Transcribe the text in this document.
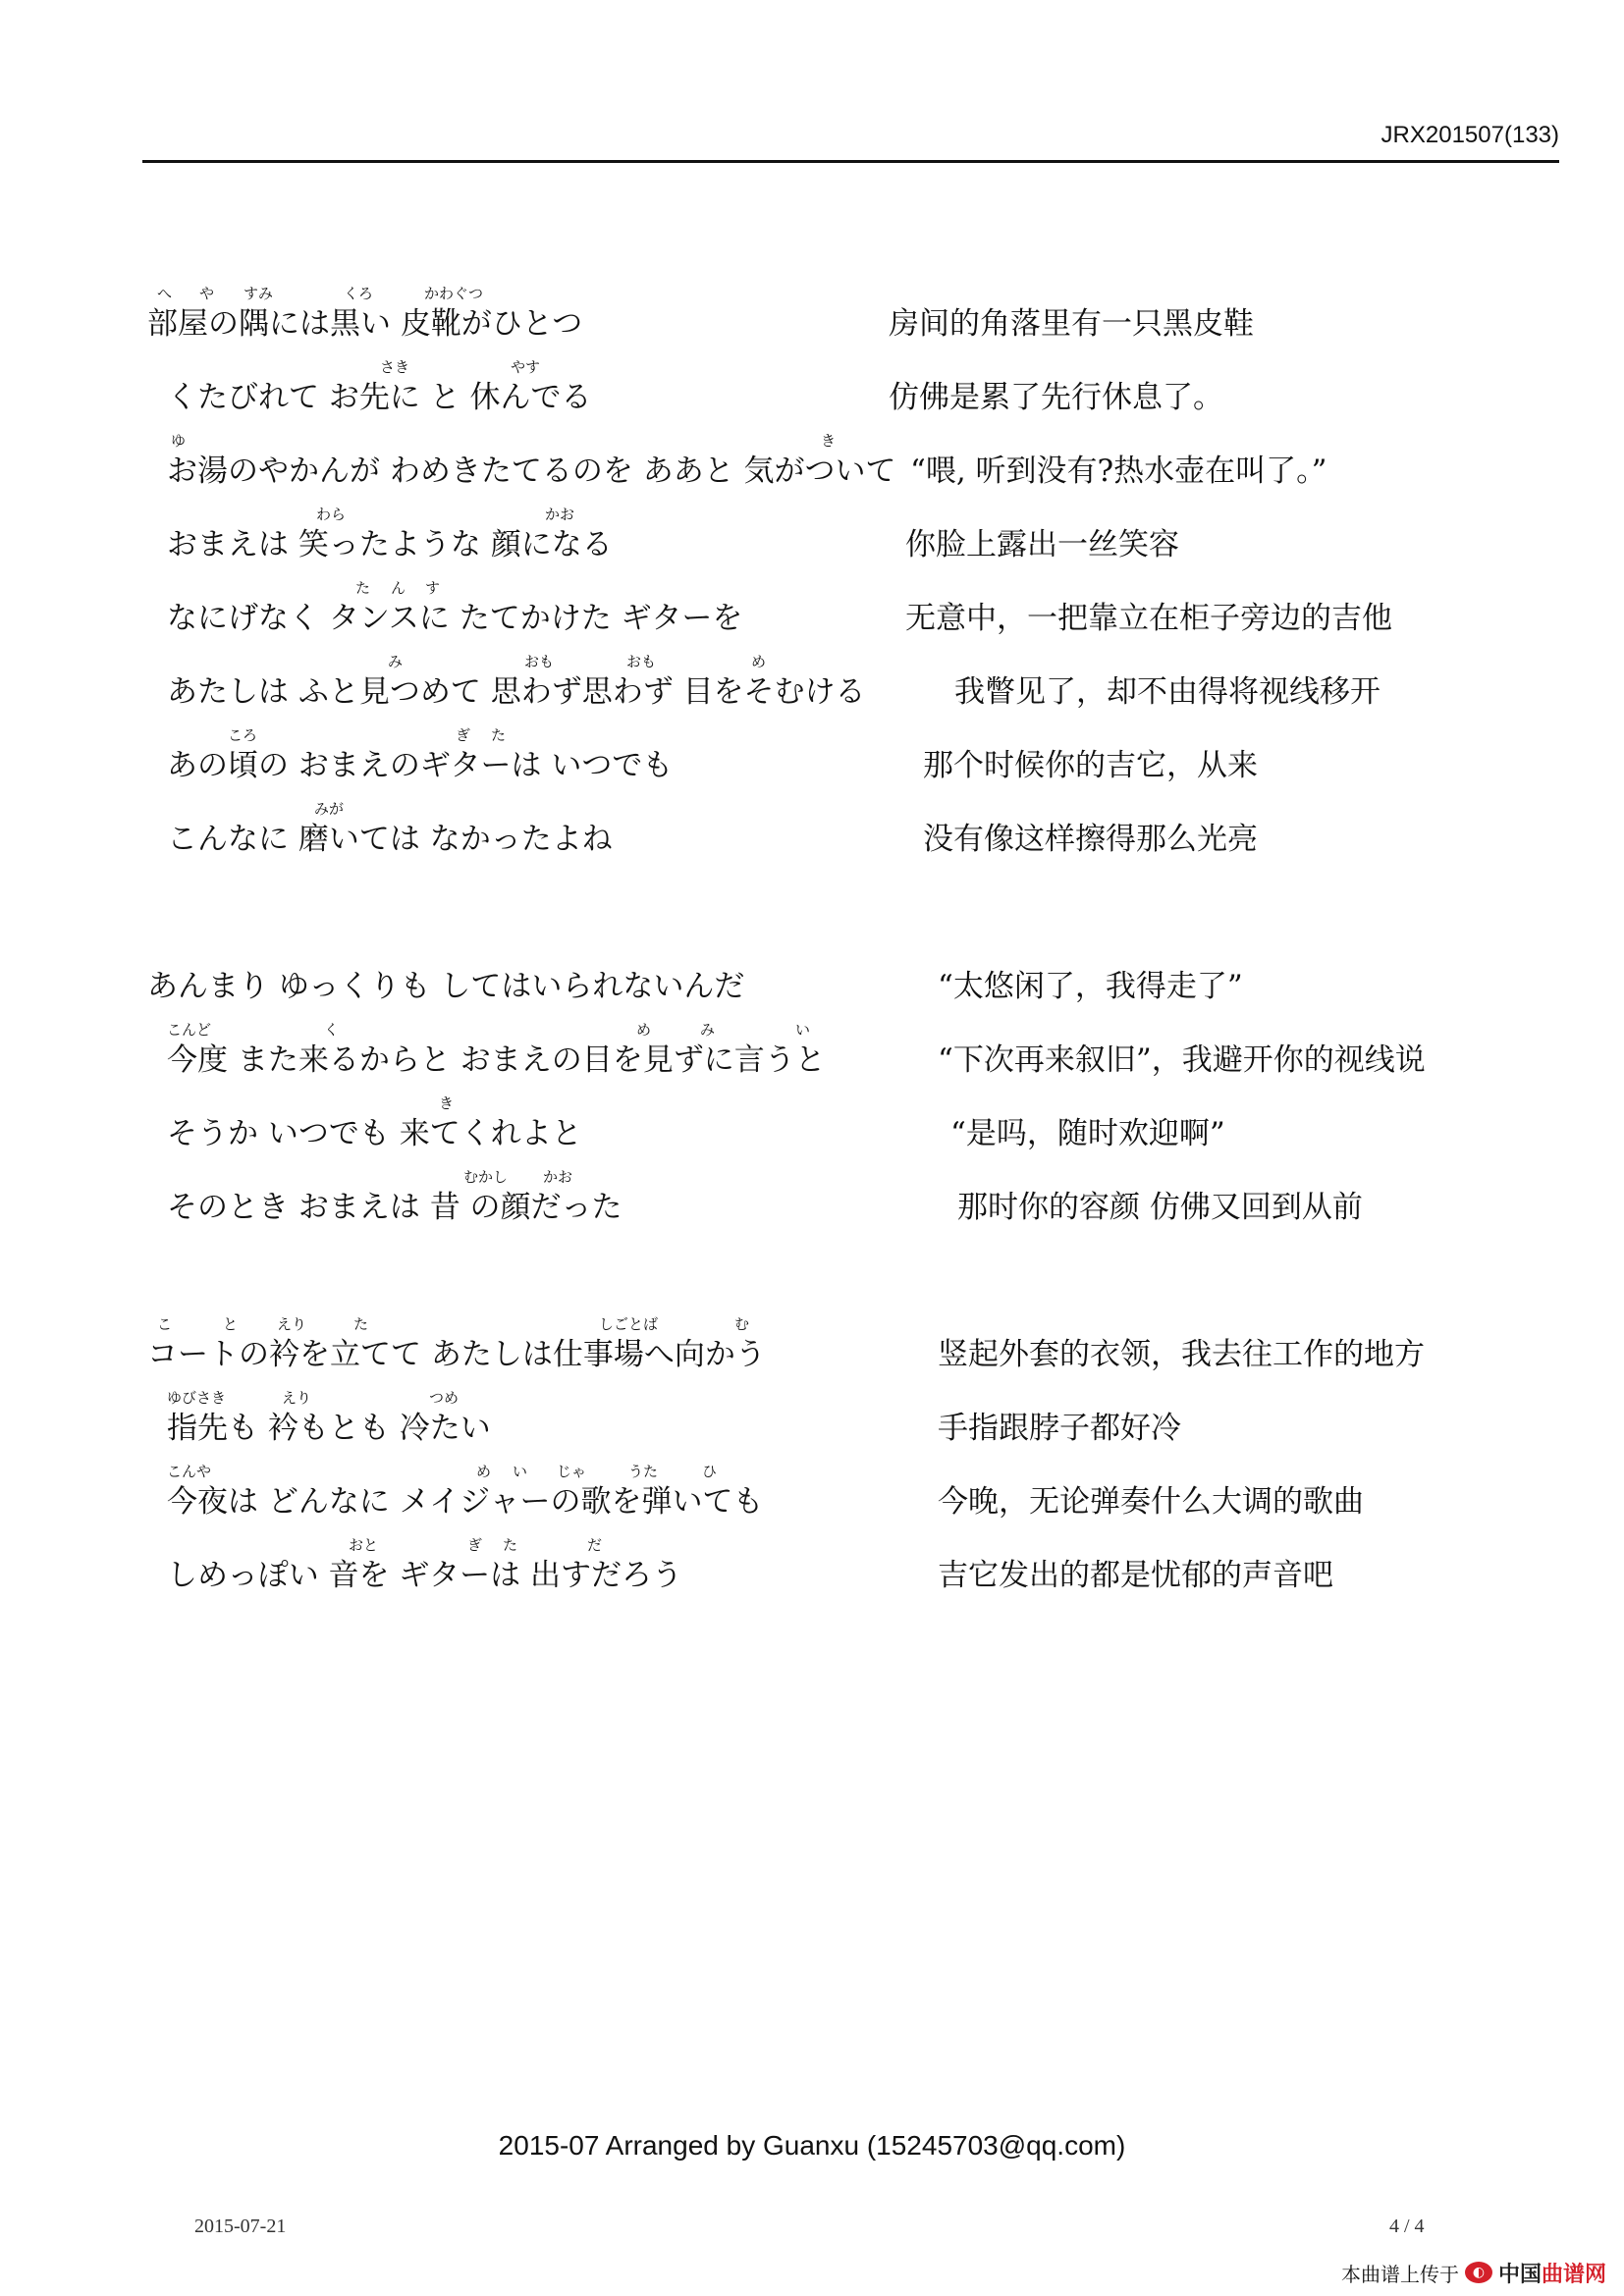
JRX201507(133)
へ や すみ	くろ	かわぐつ
部屋の隅には黒い 皮靴がひとつ	房间的角落里有一只黑皮鞋
さき	やす
くたびれて お先に と 休んでる	仿佛是累了先行休息了。
ゆ	き
お湯のやかんが わめきたてるのを ああと 気がついて “喂, 听到没有?热水壶在叫了。”
わら	かお
おまえは 笑ったような 顔になる	你脸上露出一丝笑容
た ん す
なにげなく タンスに たてかけた ギターを	无意中，一把靠立在柜子旁边的吉他
み	おも	おも	め
あたしは ふと見つめて 思わず思わず 目をそむける	我瞥见了，却不由得将视线移开
ころ	ぎ た
あの頃の おまえのギターは いつでも	那个时候你的吉它，从来
みが
こんなに 磨いては なかったよね	没有像这样擦得那么光亮
あんまり ゆっくりも してはいられないんだ	“太悠闲了，我得走了”
こんど	く	め	み	い
今度 また来るからと おまえの目を見ずに言うと	“下次再来叙旧”，我避开你的视线说
き
そうか いつでも 来てくれよと	“是吗，随时欢迎啊”
むかし かお
そのとき おまえは 昔 の顔だった	那时你的容颜 仿佛又回到从前
こ	と	えり	た	しごとば	む
コートの衿を立てて あたしは仕事場へ向かう	竖起外套的衣领，我去往工作的地方
ゆびさき	えり	つめ
指先も 衿もとも 冷たい	手指跟脖子都好冷
こんや	め い じゃ	うた	ひ
今夜は どんなに メイジャーの歌を弾いても	今晚，无论弹奏什么大调的歌曲
おと	ぎ た	だ
しめっぽい 音を ギターは 出すだろう	吉它发出的都是忧郁的声音吧
2015-07 Arranged by Guanxu (15245703@qq.com)
2015-07-21	4 / 4
本曲谱上传于 ◐ 中国曲谱网
